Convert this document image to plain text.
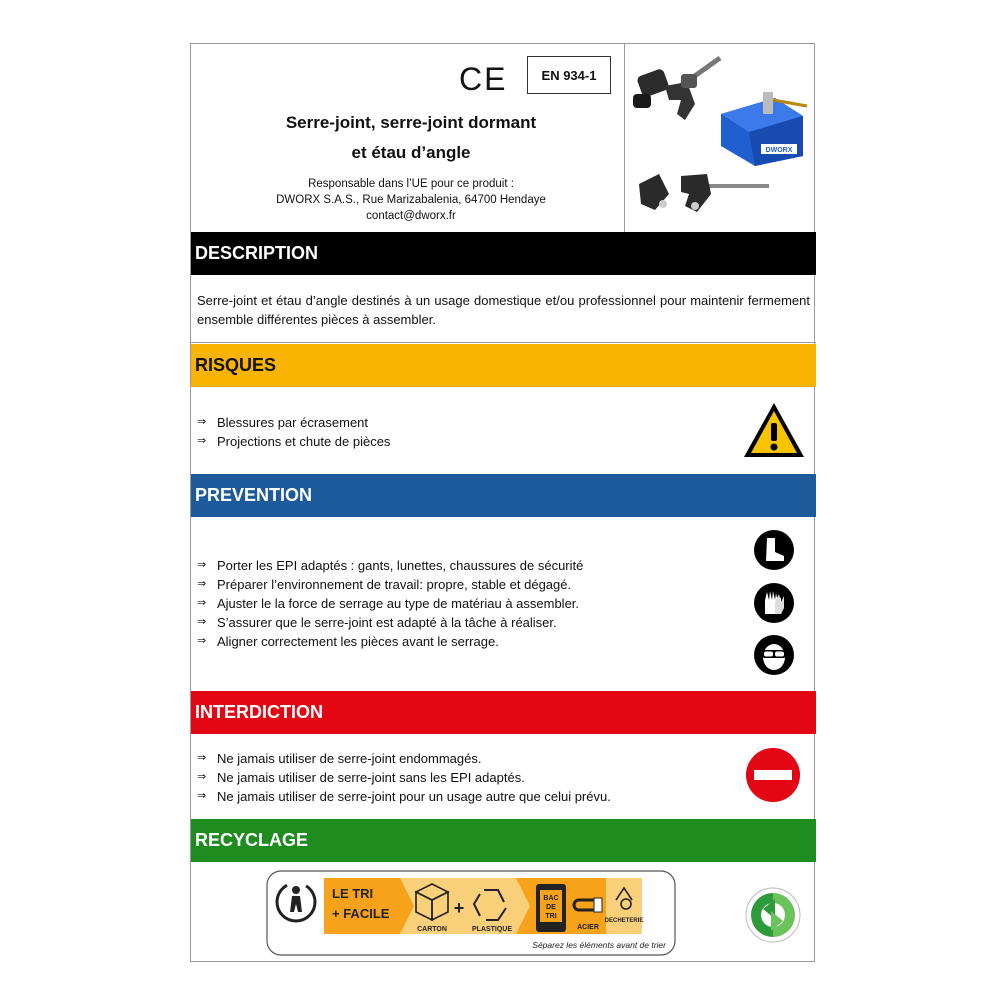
CE	EN 934-1
Serre-joint, serre-joint dormant
et étau d’angle
Responsable dans l’UE pour ce produit :
DWORX S.A.S., Rue Marizabalenia, 64700 Hendaye
contact@dworx.fr
DWORX
DESCRIPTION
Serre-joint et étau d’angle destinés à un usage domestique et/ou professionnel pour maintenir fermement ensemble différentes pièces à assembler.
RISQUES
⇒ Blessures par écrasement
⇒ Projections et chute de pièces
PREVENTION
⇒ Porter les EPI adaptés : gants, lunettes, chaussures de sécurité
⇒ Préparer l’environnement de travail: propre, stable et dégagé.
⇒ Ajuster le la force de serrage au type de matériau à assembler.
⇒ S’assurer que le serre-joint est adapté à la tâche à réaliser.
⇒ Aligner correctement les pièces avant le serrage.
INTERDICTION
⇒ Ne jamais utiliser de serre-joint endommagés.
⇒ Ne jamais utiliser de serre-joint sans les EPI adaptés.
⇒ Ne jamais utiliser de serre-joint pour un usage autre que celui prévu.
RECYCLAGE
LE TRI
+ FACILE
CARTON
+
PLASTIQUE
BAC
DE
TRI
ACIER
DECHETERIE
Séparez les éléments avant de trier
